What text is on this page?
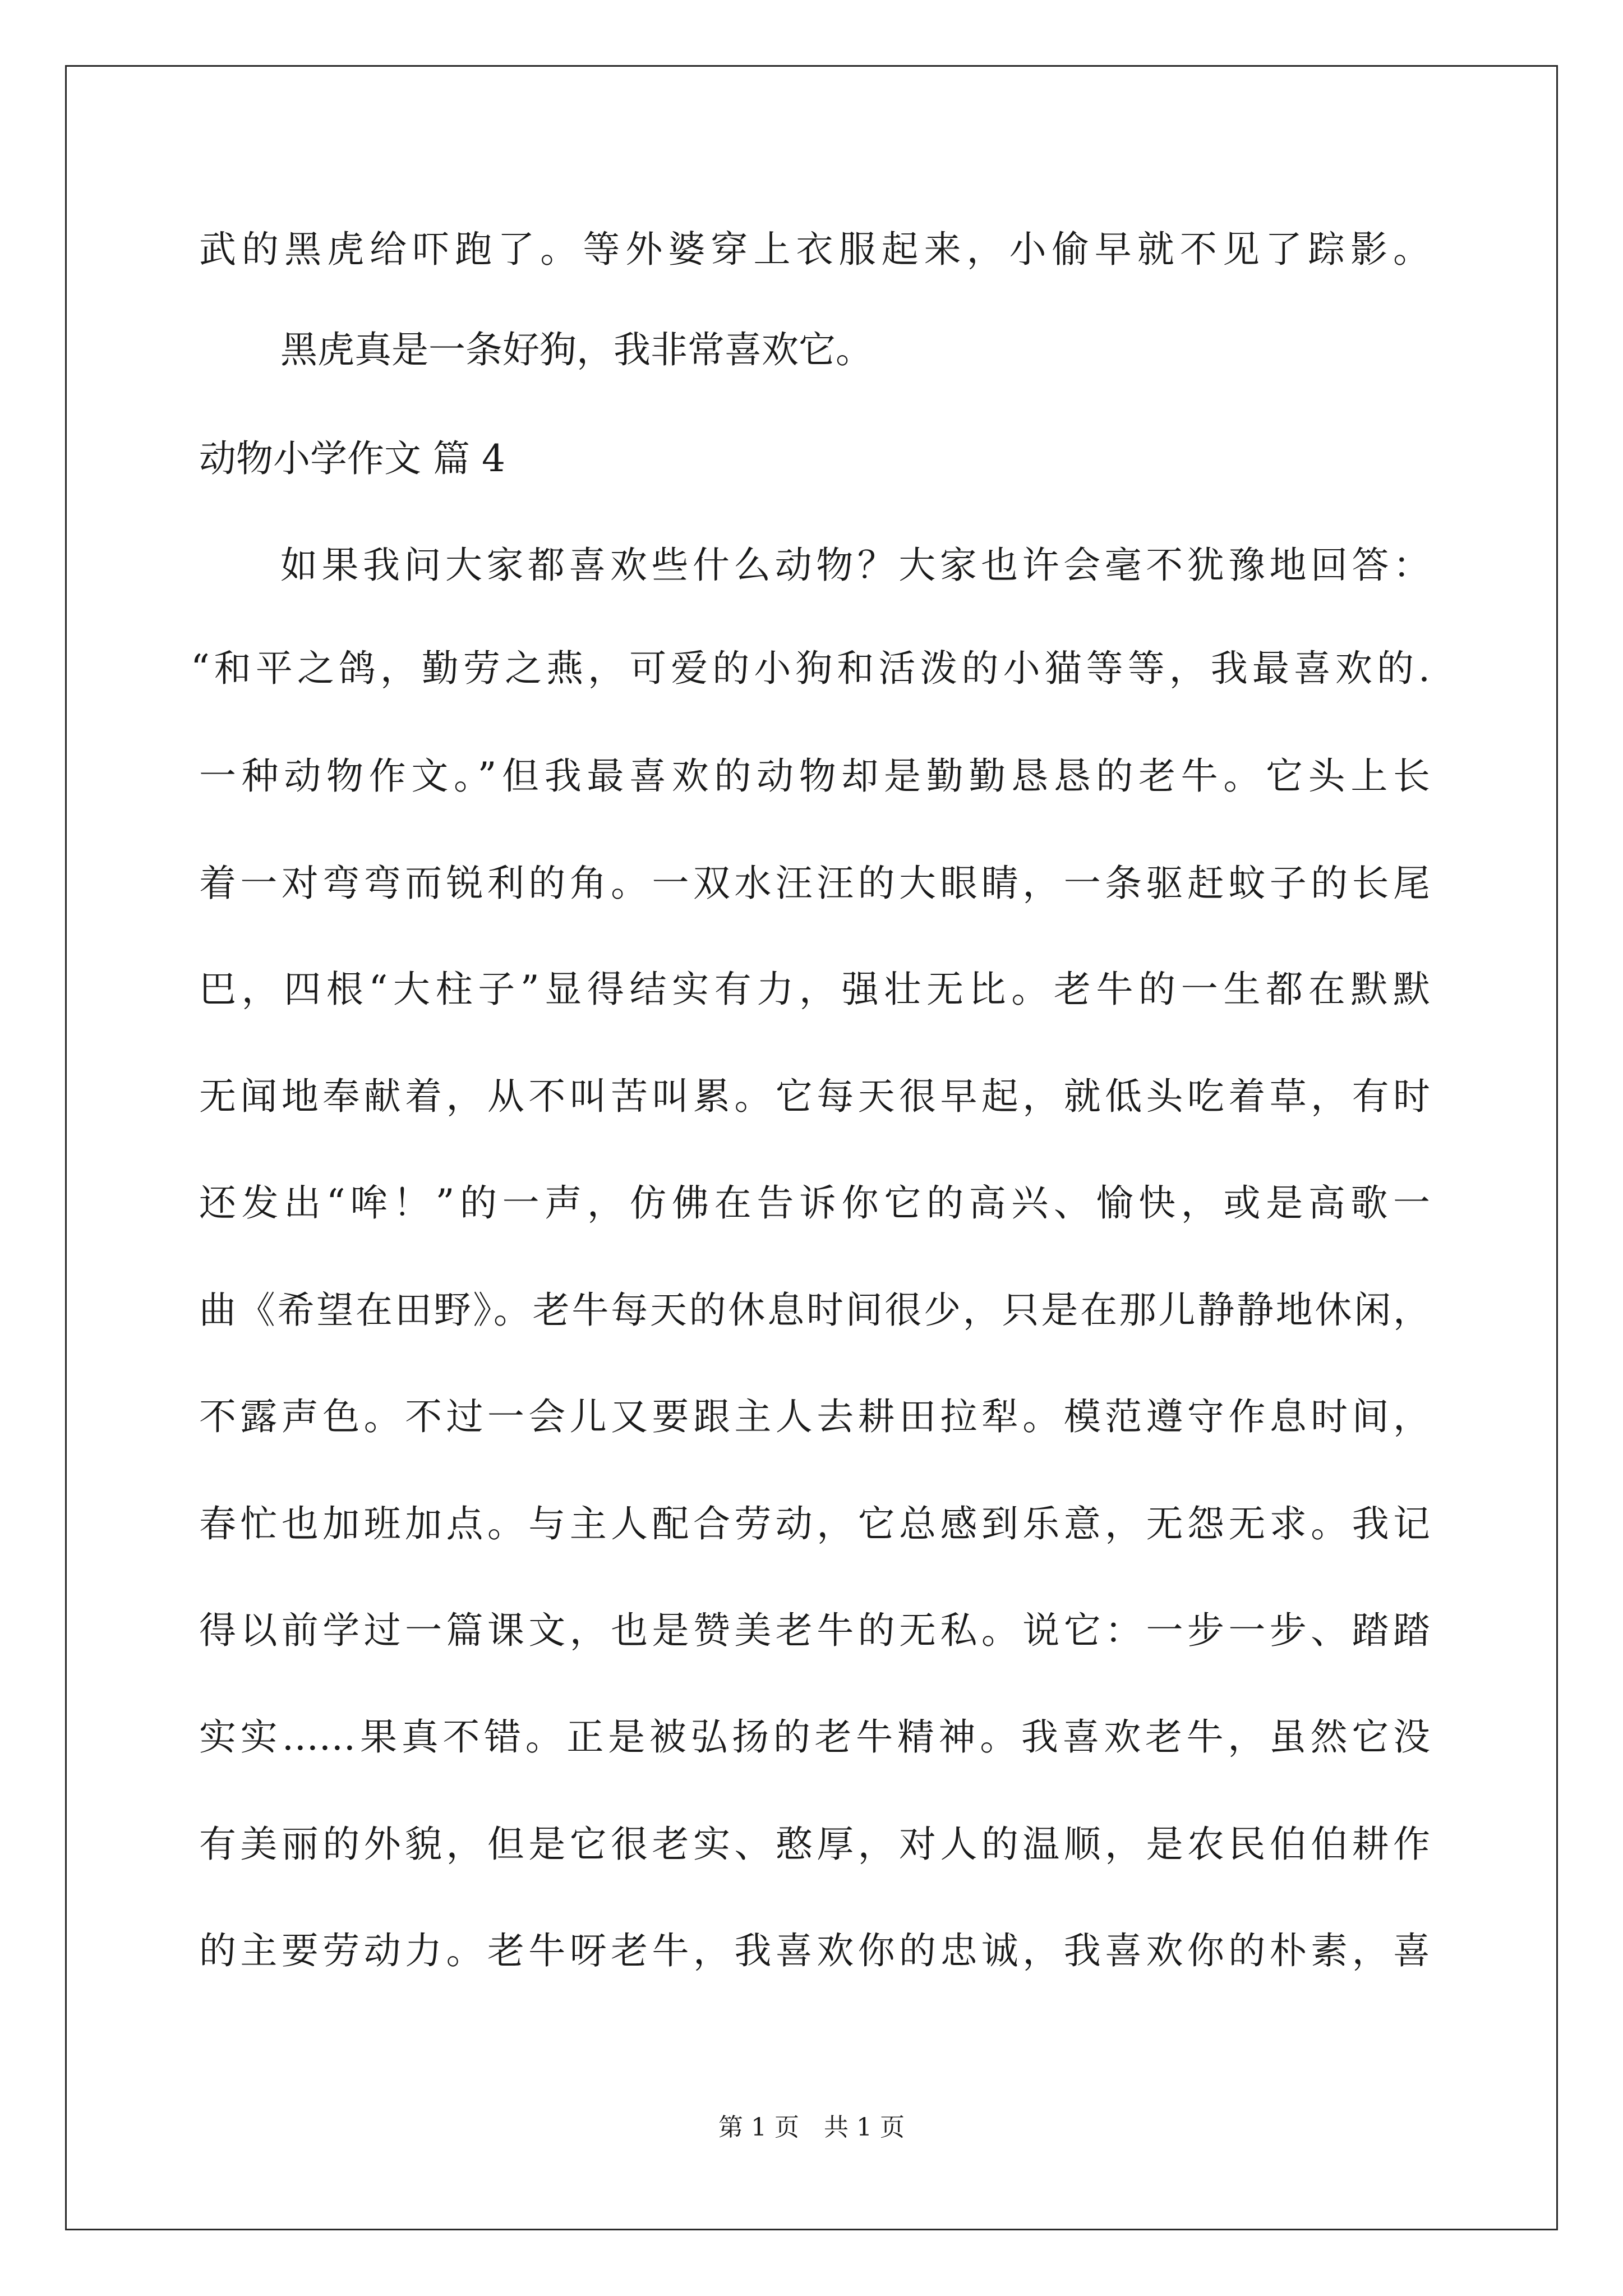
武的黑虎给吓跑了。等外婆穿上衣服起来，小偷早就不见了踪影。
黑虎真是一条好狗，我非常喜欢它。
动物小学作文 篇 4
如果我问大家都喜欢些什么动物？大家也许会毫不犹豫地回答：
“和平之鸽，勤劳之燕，可爱的小狗和活泼的小猫等等，我最喜欢的.
一种动物作文。”但我最喜欢的动物却是勤勤恳恳的老牛。它头上长
着一对弯弯而锐利的角。一双水汪汪的大眼睛，一条驱赶蚊子的长尾
巴，四根“大柱子”显得结实有力，强壮无比。老牛的一生都在默默
无闻地奉献着，从不叫苦叫累。它每天很早起，就低头吃着草，有时
还发出“哞！”的一声，仿佛在告诉你它的高兴、愉快，或是高歌一
曲《希望在田野》。老牛每天的休息时间很少，只是在那儿静静地休闲，
不露声色。不过一会儿又要跟主人去耕田拉犁。模范遵守作息时间，
春忙也加班加点。与主人配合劳动，它总感到乐意，无怨无求。我记
得以前学过一篇课文，也是赞美老牛的无私。说它：一步一步、踏踏
实实……果真不错。正是被弘扬的老牛精神。我喜欢老牛，虽然它没
有美丽的外貌，但是它很老实、憨厚，对人的温顺，是农民伯伯耕作
的主要劳动力。老牛呀老牛，我喜欢你的忠诚，我喜欢你的朴素，喜
第 1 页　共 1 页
